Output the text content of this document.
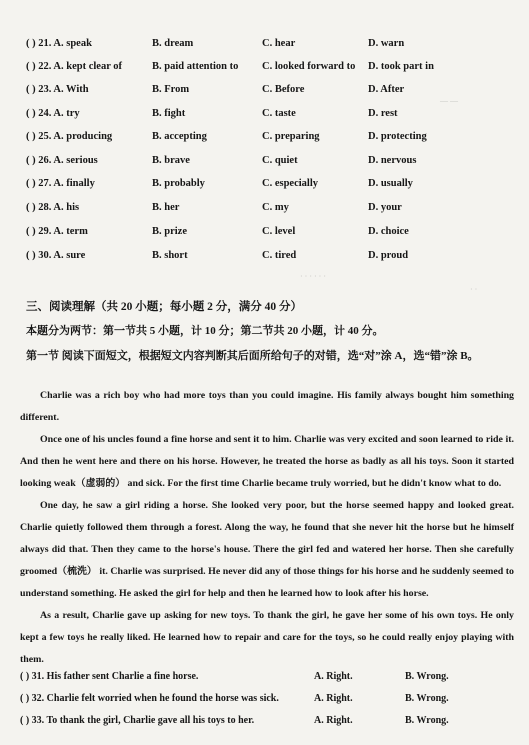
( ) 21. A. speak	B. dream	C. hear	D. warn
( ) 22. A. kept clear of	B. paid attention to C. looked forward to D. took part in
( ) 23. A. With	B. From	C. Before	D. After
( ) 24. A. try	B. fight	C. taste	D. rest
( ) 25. A. producing	B. accepting	C. preparing	D. protecting
( ) 26. A. serious	B. brave	C. quiet	D. nervous
( ) 27. A. finally	B. probably	C. especially	D. usually
( ) 28. A. his	B. her	C. my	D. your
( ) 29. A. term	B. prize	C. level	D. choice
( ) 30. A. sure	B. short	C. tired	D. proud
— —
· · · · · ·
· ·
三、阅读理解（共 20 小题；每小题 2 分，满分 40 分）
本题分为两节：第一节共 5 小题，计 10 分；第二节共 20 小题，计 40 分。
第一节 阅读下面短文，根据短文内容判断其后面所给句子的对错，选“对”涂 A，选“错”涂 B。

Charlie was a rich boy who had more toys than you could imagine. His family always bought him something different.

Once one of his uncles found a fine horse and sent it to him. Charlie was very excited and soon learned to ride it. And then he went here and there on his horse. However, he treated the horse as badly as all his toys. Soon it started looking weak（虚弱的） and sick. For the first time Charlie became truly worried, but he didn't know what to do.

One day, he saw a girl riding a horse. She looked very poor, but the horse seemed happy and looked great. Charlie quietly followed them through a forest. Along the way, he found that she never hit the horse but he himself always did that. Then they came to the horse's house. There the girl fed and watered her horse. Then she carefully groomed（梳洗） it. Charlie was surprised. He never did any of those things for his horse and he suddenly seemed to understand something. He asked the girl for help and then he learned how to look after his horse.

As a result, Charlie gave up asking for new toys. To thank the girl, he gave her some of his own toys. He only kept a few toys he really liked. He learned how to repair and care for the toys, so he could really enjoy playing with them.

( ) 31. His father sent Charlie a fine horse.	A. Right.	B. Wrong.
( ) 32. Charlie felt worried when he found the horse was sick.	A. Right.	B. Wrong.
( ) 33. To thank the girl, Charlie gave all his toys to her.	A. Right.	B. Wrong.
